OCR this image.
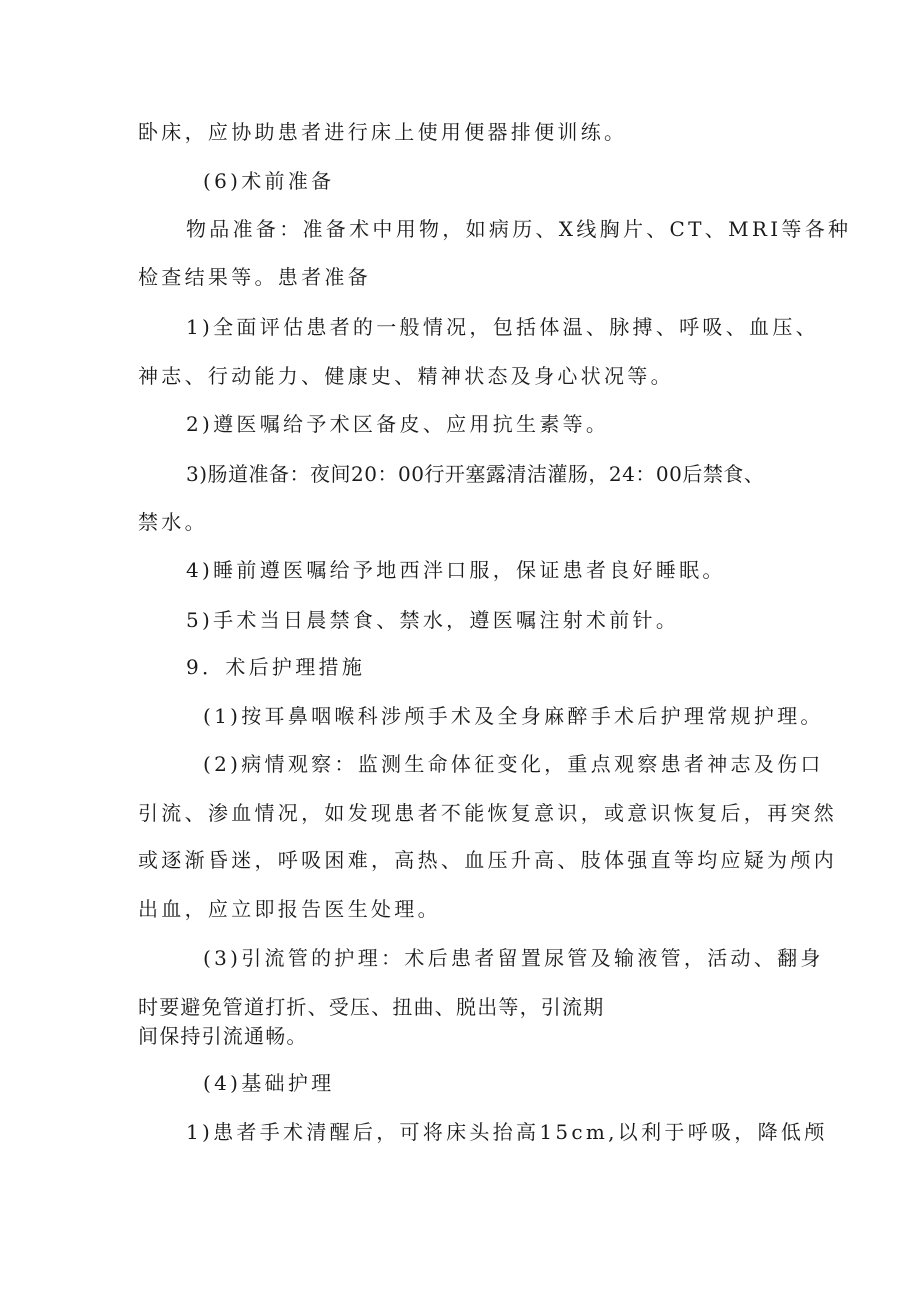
卧床，应协助患者进行床上使用便器排便训练。
(6)术前准备
物品准备：准备术中用物，如病历、X线胸片、CT、MRI等各种
检查结果等。患者准备
1)全面评估患者的一般情况，包括体温、脉搏、呼吸、血压、
神志、行动能力、健康史、精神状态及身心状况等。
2)遵医嘱给予术区备皮、应用抗生素等。
3)肠道准备：夜间20：00行开塞露清洁灌肠，24：00后禁食、
禁水。
4)睡前遵医嘱给予地西泮口服，保证患者良好睡眠。
5)手术当日晨禁食、禁水，遵医嘱注射术前针。
9．术后护理措施
(1)按耳鼻咽喉科涉颅手术及全身麻醉手术后护理常规护理。
(2)病情观察：监测生命体征变化，重点观察患者神志及伤口
引流、渗血情况，如发现患者不能恢复意识，或意识恢复后，再突然
或逐渐昏迷，呼吸困难，高热、血压升高、肢体强直等均应疑为颅内
出血，应立即报告医生处理。
(3)引流管的护理：术后患者留置尿管及输液管，活动、翻身
时要避免管道打折、受压、扭曲、脱出等，引流期
间保持引流通畅。
(4)基础护理
1)患者手术清醒后，可将床头抬高15cm,以利于呼吸，降低颅
